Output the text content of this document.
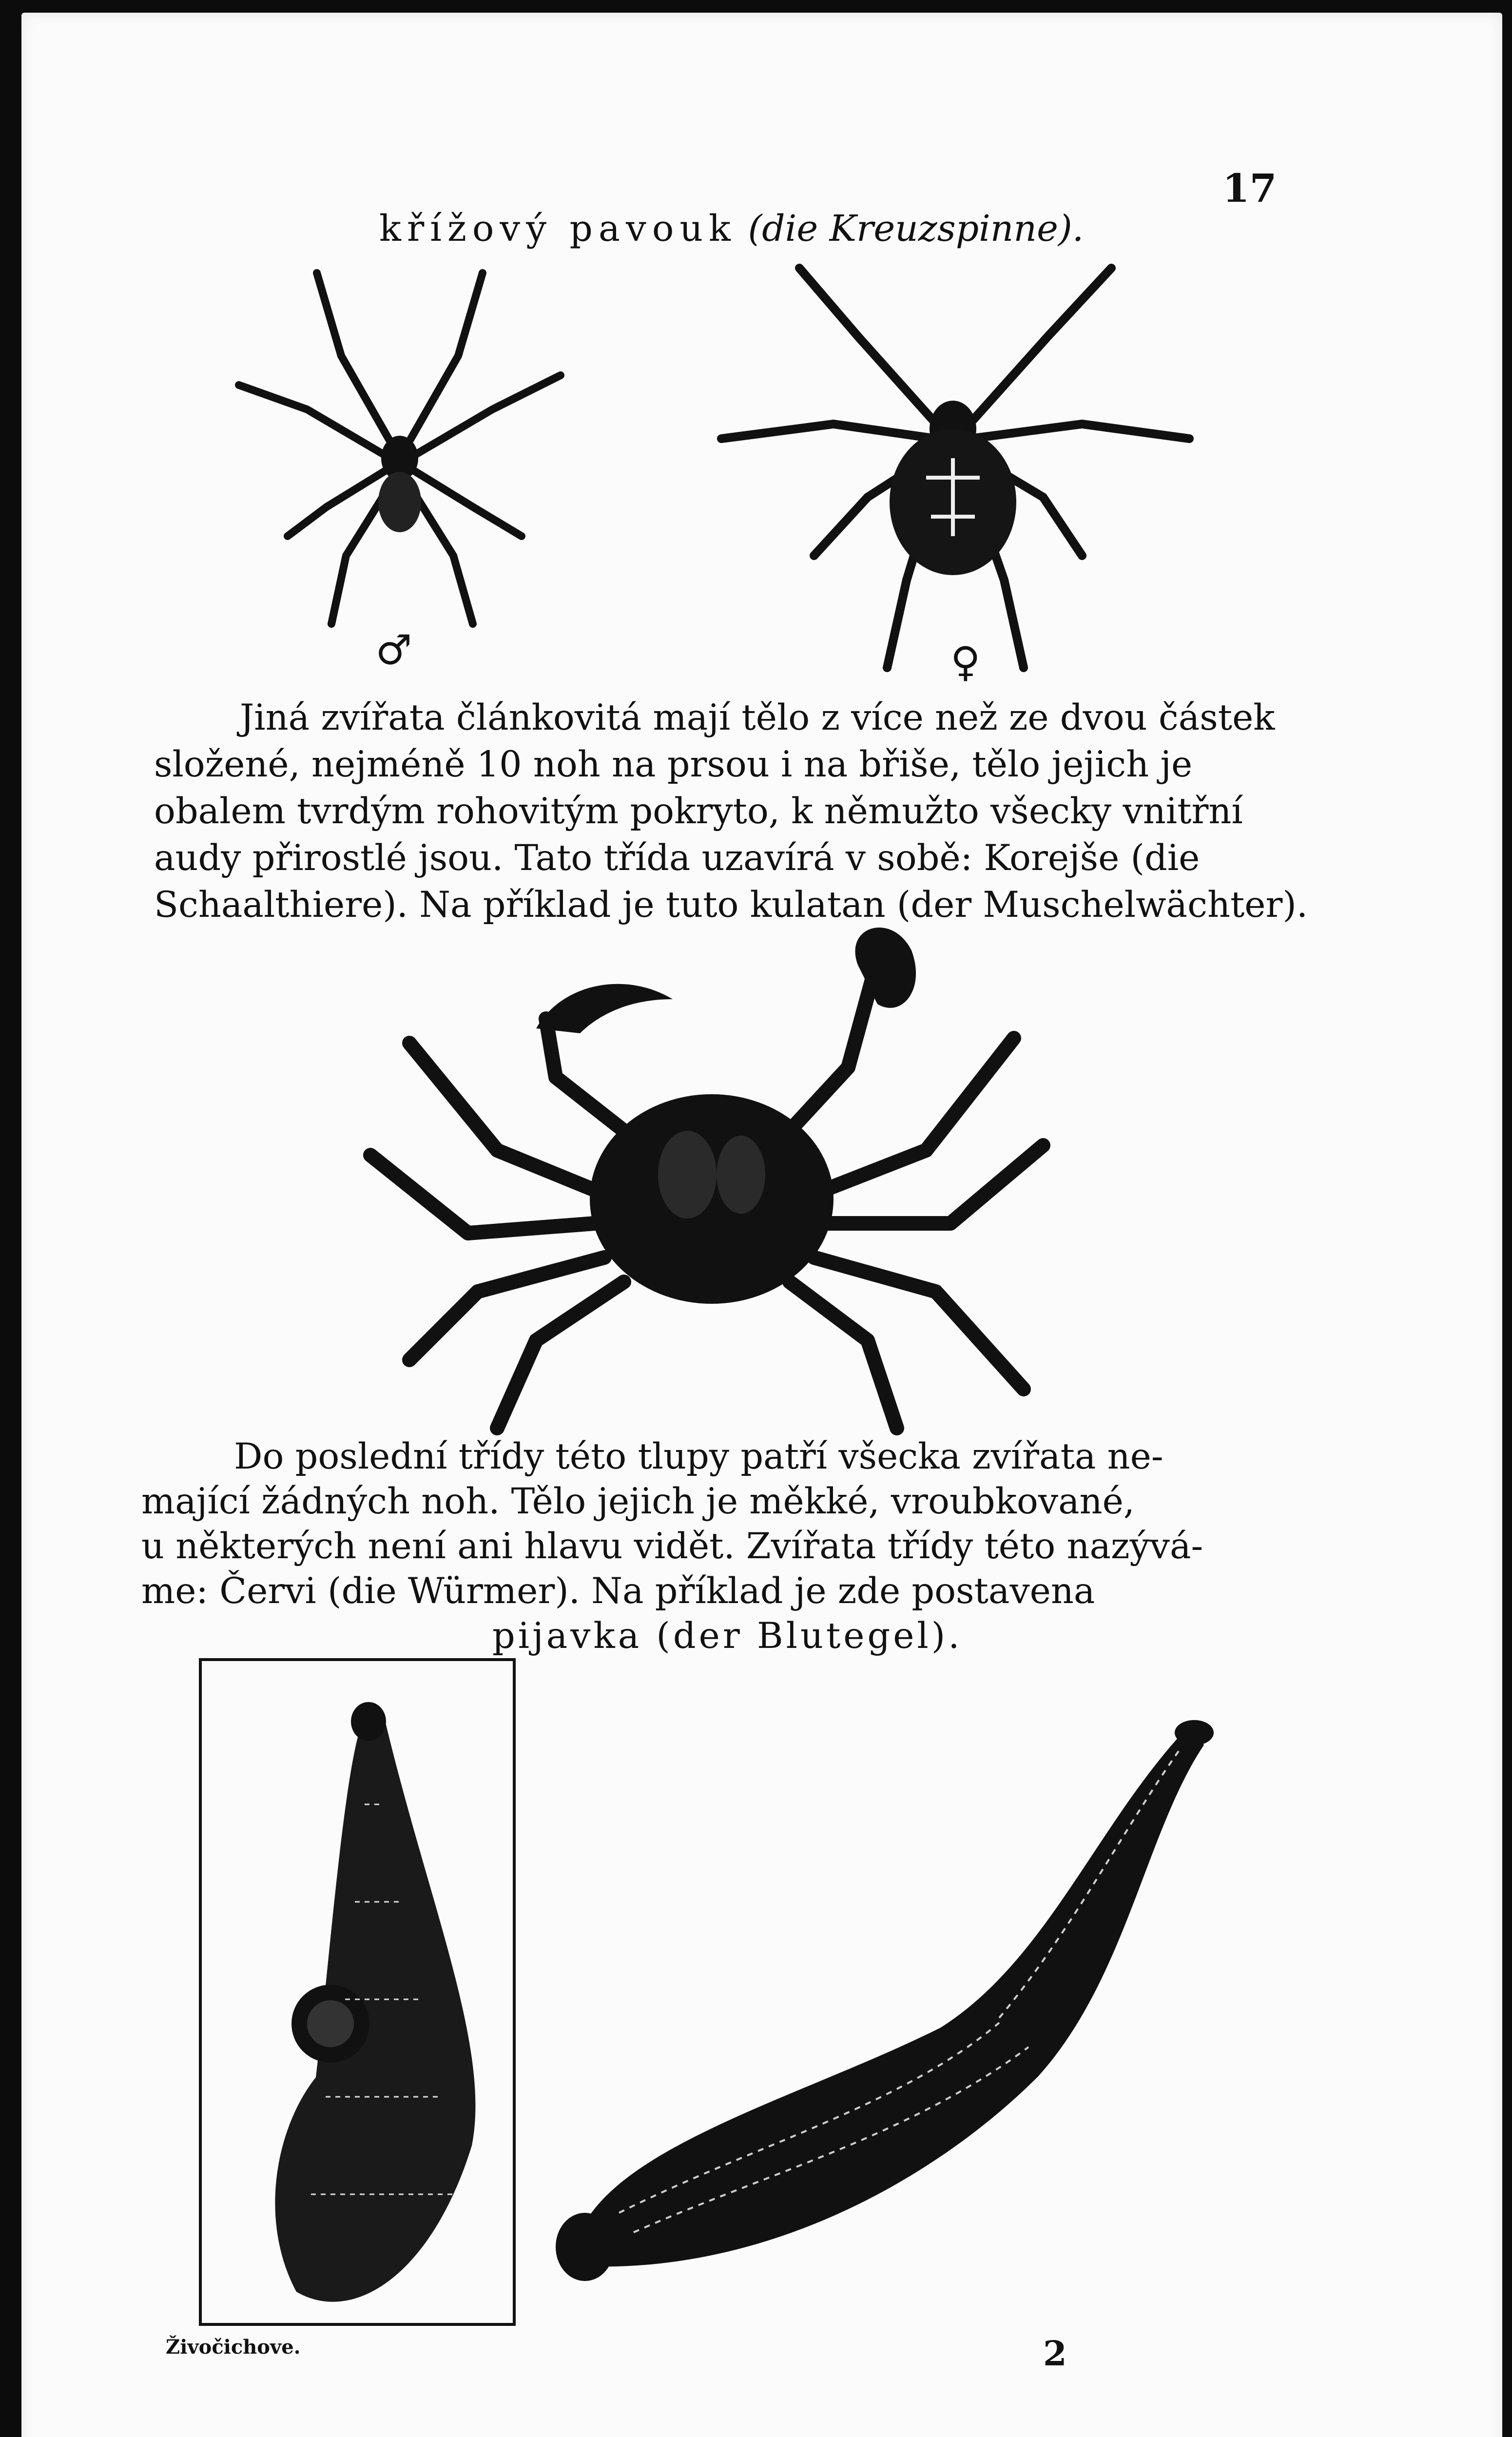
17
křížový pavouk (die Kreuzspinne).
♂	♀
Jiná zvířata článkovitá mají tělo z více než ze dvou částek
složené, nejméně 10 noh na prsou i na břiše, tělo jejich je
obalem tvrdým rohovitým pokryto, k němužto všecky vnitřní
audy přirostlé jsou. Tato třída uzavírá v sobě: Korejše (die
Schaalthiere). Na příklad je tuto kulatan (der Muschelwächter).
Do poslední třídy této tlupy patří všecka zvířata ne-
mající žádných noh. Tělo jejich je měkké, vroubkované,
u některých není ani hlavu vidět. Zvířata třídy této nazývá-
me: Červi (die Würmer). Na příklad je zde postavena
pijavka (der Blutegel).
Živočichove.	2
